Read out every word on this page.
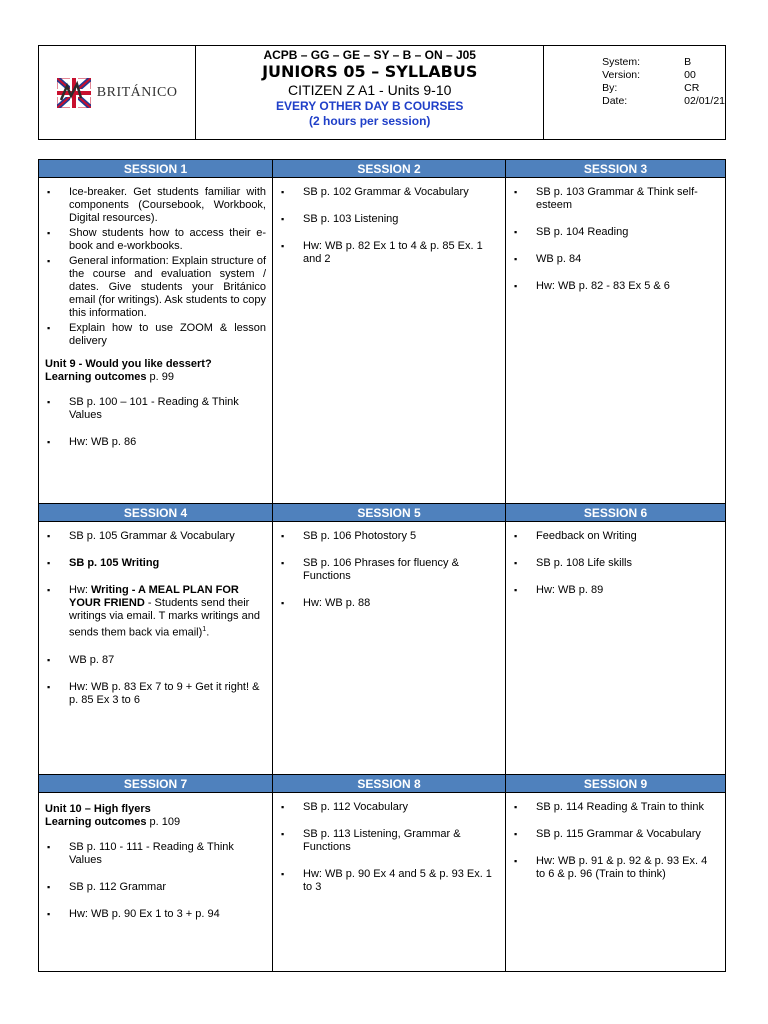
BRITÁNICO
ACPB – GG – GE – SY – B – ON – J05
JUNIORS 05 – SYLLABUS
CITIZEN Z A1 - Units 9-10
EVERY OTHER DAY B COURSES
(2 hours per session)
System:	B
Version:	00
By:	CR
Date:	02/01/21
SESSION 1	SESSION 2	SESSION 3
▪ Ice-breaker. Get students familiar with components (Coursebook, Workbook, Digital resources).
▪ Show students how to access their e-book and e-workbooks.
▪ General information: Explain structure of the course and evaluation system / dates. Give students your Británico email (for writings). Ask students to copy this information.
▪ Explain how to use ZOOM & lesson delivery
Unit 9 - Would you like dessert?
Learning outcomes p. 99
▪ SB p. 100 – 101 - Reading & Think Values
▪ Hw: WB p. 86
▪ SB p. 102 Grammar & Vocabulary
▪ SB p. 103 Listening
▪ Hw: WB p. 82 Ex 1 to 4 & p. 85 Ex. 1 and 2
▪ SB p. 103 Grammar & Think self-esteem
▪ SB p. 104 Reading
▪ WB p. 84
▪ Hw: WB p. 82 - 83 Ex 5 & 6
SESSION 4	SESSION 5	SESSION 6
▪ SB p. 105 Grammar & Vocabulary
▪ SB p. 105 Writing
▪ Hw: Writing - A MEAL PLAN FOR YOUR FRIEND - Students send their writings via email. T marks writings and sends them back via email)$^1$.
▪ WB p. 87
▪ Hw: WB p. 83 Ex 7 to 9 + Get it right! & p. 85 Ex 3 to 6
▪ SB p. 106 Photostory 5
▪ SB p. 106 Phrases for fluency & Functions
▪ Hw: WB p. 88
▪ Feedback on Writing
▪ SB p. 108 Life skills
▪ Hw: WB p. 89
SESSION 7	SESSION 8	SESSION 9
Unit 10 – High flyers
Learning outcomes p. 109
▪ SB p. 110 - 111 - Reading & Think Values
▪ SB p. 112 Grammar
▪ Hw: WB p. 90 Ex 1 to 3 + p. 94
▪ SB p. 112 Vocabulary
▪ SB p. 113 Listening, Grammar & Functions
▪ Hw: WB p. 90 Ex 4 and 5 & p. 93 Ex. 1 to 3
▪ SB p. 114 Reading & Train to think
▪ SB p. 115 Grammar & Vocabulary
▪ Hw: WB p. 91 & p. 92 & p. 93 Ex. 4 to 6 & p. 96 (Train to think)
